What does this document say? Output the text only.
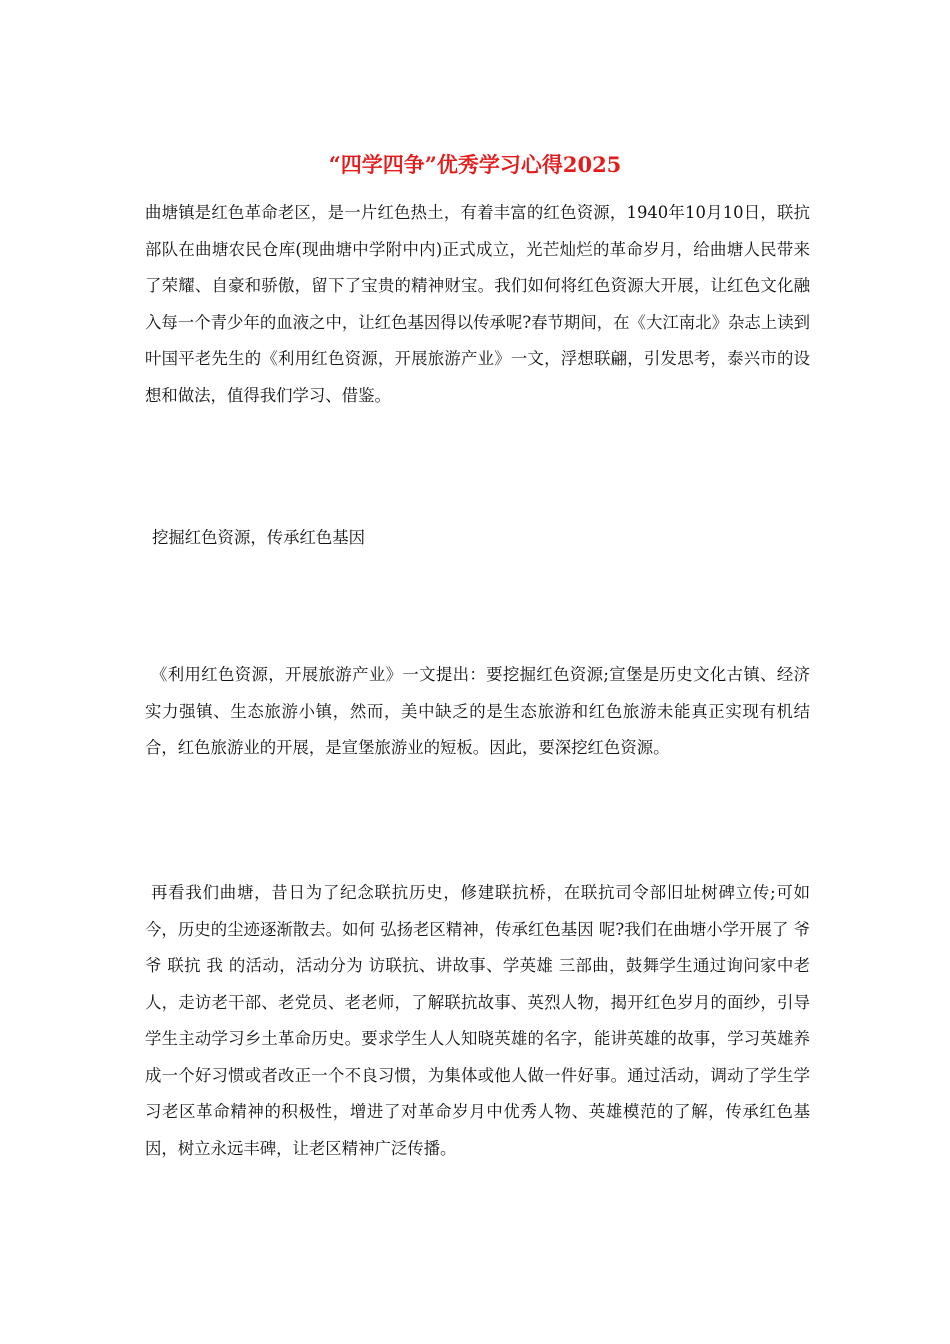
“四学四争”优秀学习心得2025

曲塘镇是红色革命老区，是一片红色热土，有着丰富的红色资源，1940年10月10日，联抗部队在曲塘农民仓库(现曲塘中学附中内)正式成立，光芒灿烂的革命岁月，给曲塘人民带来了荣耀、自豪和骄傲，留下了宝贵的精神财宝。我们如何将红色资源大开展，让红色文化融入每一个青少年的血液之中，让红色基因得以传承呢?春节期间，在《大江南北》杂志上读到叶国平老先生的《利用红色资源，开展旅游产业》一文，浮想联翩，引发思考，泰兴市的设想和做法，值得我们学习、借鉴。

挖掘红色资源，传承红色基因

《利用红色资源，开展旅游产业》一文提出：要挖掘红色资源;宣堡是历史文化古镇、经济实力强镇、生态旅游小镇，然而，美中缺乏的是生态旅游和红色旅游未能真正实现有机结合，红色旅游业的开展，是宣堡旅游业的短板。因此，要深挖红色资源。

再看我们曲塘，昔日为了纪念联抗历史，修建联抗桥，在联抗司令部旧址树碑立传;可如今，历史的尘迹逐渐散去。如何 弘扬老区精神，传承红色基因 呢?我们在曲塘小学开展了 爷爷 联抗 我 的活动，活动分为 访联抗、讲故事、学英雄 三部曲，鼓舞学生通过询问家中老人，走访老干部、老党员、老老师，了解联抗故事、英烈人物，揭开红色岁月的面纱，引导学生主动学习乡土革命历史。要求学生人人知晓英雄的名字，能讲英雄的故事，学习英雄养成一个好习惯或者改正一个不良习惯，为集体或他人做一件好事。通过活动，调动了学生学习老区革命精神的积极性，增进了对革命岁月中优秀人物、英雄模范的了解，传承红色基因，树立永远丰碑，让老区精神广泛传播。
